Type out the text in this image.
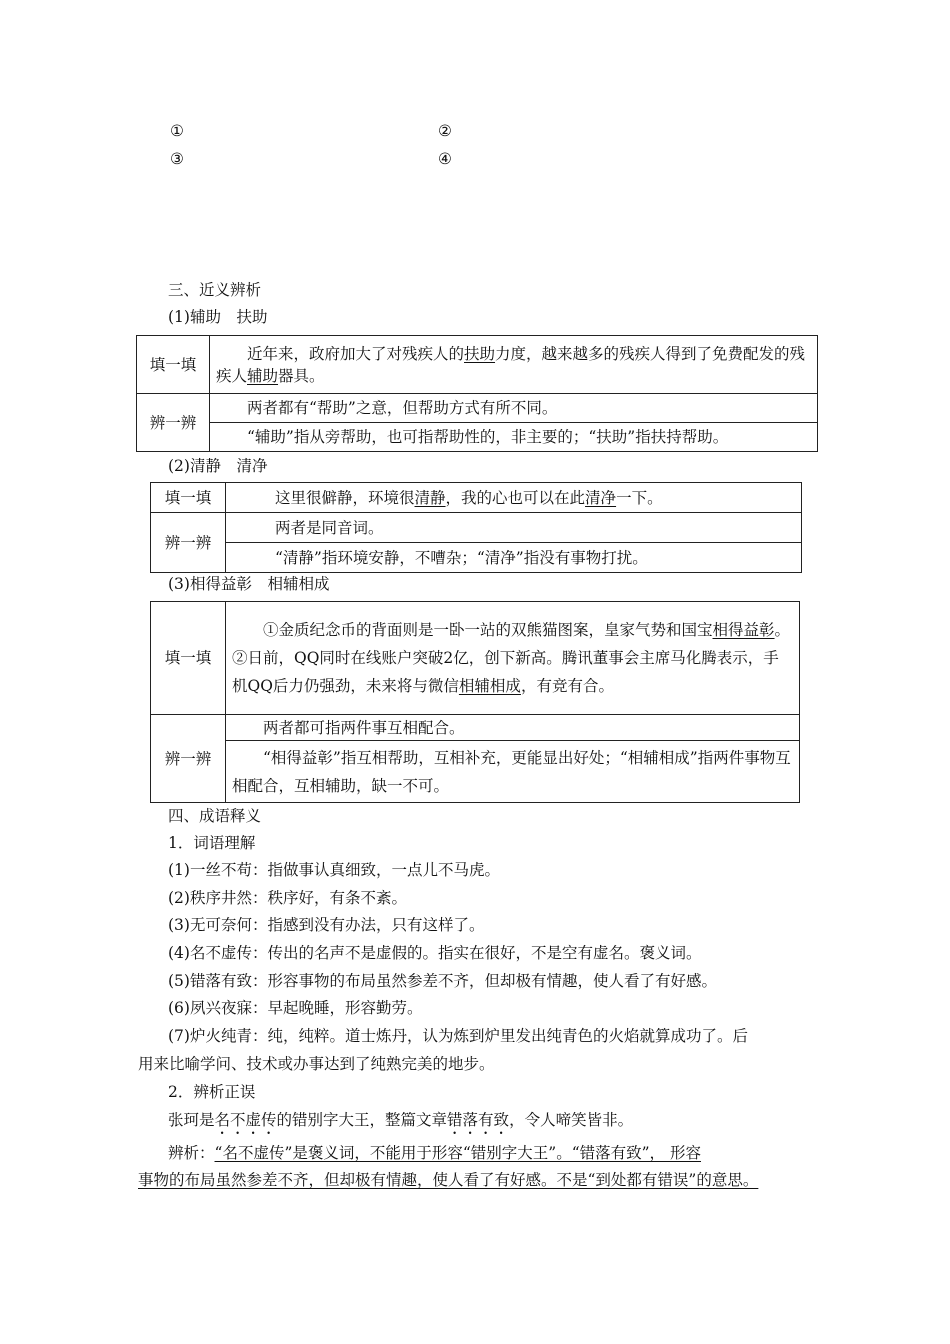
①	②
③	④
三、近义辨析
(1)辅助　扶助
填一填	近年来，政府加大了对残疾人的扶助力度，越来越多的残疾人得到了免费配发的残疾人辅助器具。
辨一辨	两者都有“帮助”之意，但帮助方式有所不同。
	“辅助”指从旁帮助，也可指帮助性的，非主要的；“扶助”指扶持帮助。
(2)清静　清净
填一填	这里很僻静，环境很清静，我的心也可以在此清净一下。
辨一辨	两者是同音词。
	“清静”指环境安静，不嘈杂；“清净”指没有事物打扰。
(3)相得益彰　相辅相成
填一填	①金质纪念币的背面则是一卧一站的双熊猫图案，皇家气势和国宝相得益彰。
②日前，QQ同时在线账户突破2亿，创下新高。腾讯董事会主席马化腾表示，手机QQ后力仍强劲，未来将与微信相辅相成，有竞有合。

辨一辨	两者都可指两件事互相配合。
	“相得益彰”指互相帮助，互相补充，更能显出好处；“相辅相成”指两件事物互相配合，互相辅助，缺一不可。
四、成语释义
1．词语理解
(1)一丝不苟：指做事认真细致，一点儿不马虎。
(2)秩序井然：秩序好，有条不紊。
(3)无可奈何：指感到没有办法，只有这样了。
(4)名不虚传：传出的名声不是虚假的。指实在很好，不是空有虚名。褒义词。
(5)错落有致：形容事物的布局虽然参差不齐，但却极有情趣，使人看了有好感。
(6)夙兴夜寐：早起晚睡，形容勤劳。
(7)炉火纯青：纯，纯粹。道士炼丹，认为炼到炉里发出纯青色的火焰就算成功了。后
用来比喻学问、技术或办事达到了纯熟完美的地步。
2．辨析正误
张珂是名不虚传的错别字大王，整篇文章错落有致，令人啼笑皆非。
辨析：“名不虚传”是褒义词，不能用于形容“错别字大王”。“错落有致”， 形容
事物的布局虽然参差不齐，但却极有情趣，使人看了有好感。不是“到处都有错误”的意思。
